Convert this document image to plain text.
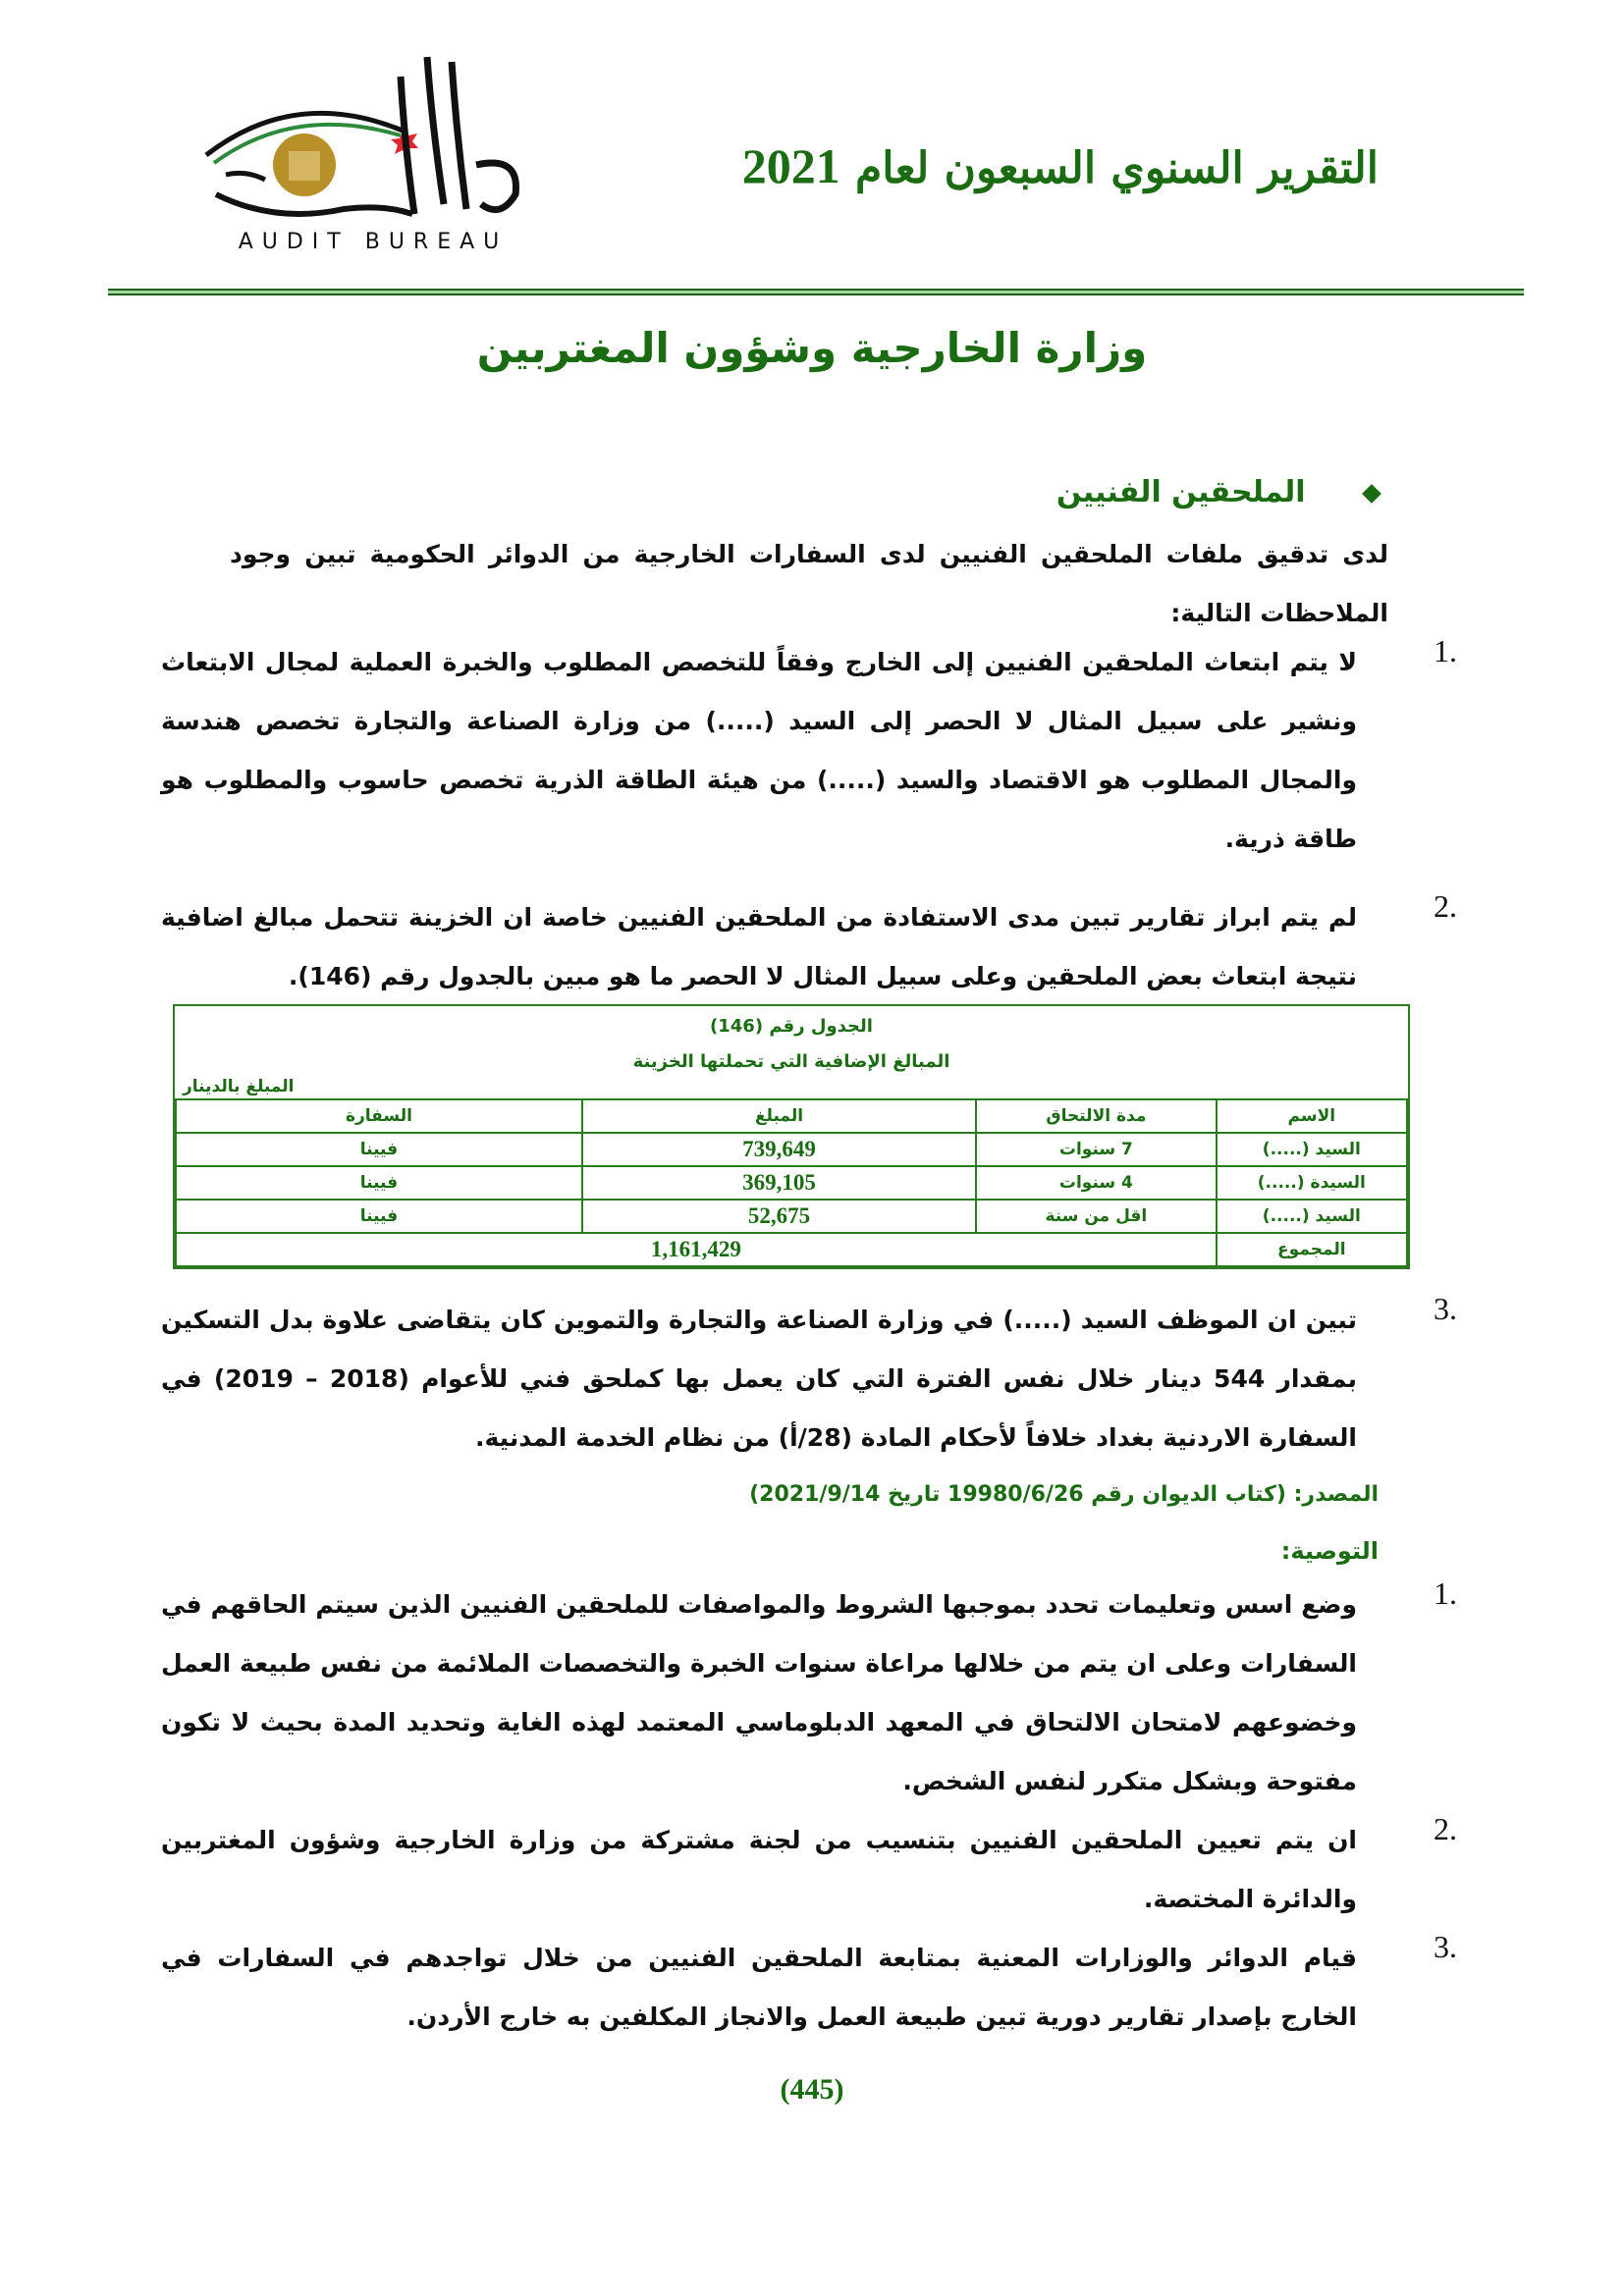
AUDIT BUREAU
التقرير السنوي السبعون لعام 2021
وزارة الخارجية وشؤون المغتربين
الملحقين الفنيين
لدى تدقيق ملفات الملحقين الفنيين لدى السفارات الخارجية من الدوائر الحكومية تبين وجود الملاحظات التالية:
1.
لا يتم ابتعاث الملحقين الفنيين إلى الخارج وفقاً للتخصص المطلوب والخبرة العملية لمجال الابتعاث ونشير على سبيل المثال لا الحصر إلى السيد (.....) من وزارة الصناعة والتجارة تخصص هندسة والمجال المطلوب هو الاقتصاد والسيد (.....) من هيئة الطاقة الذرية تخصص حاسوب والمطلوب هو طاقة ذرية.
2.
لم يتم ابراز تقارير تبين مدى الاستفادة من الملحقين الفنيين خاصة ان الخزينة تتحمل مبالغ اضافية نتيجة ابتعاث بعض الملحقين وعلى سبيل المثال لا الحصر ما هو مبين بالجدول رقم (146).
الجدول رقم (146)
المبالغ الإضافية التي تحملتها الخزينة
المبلغ بالدينار
الاسم	مدة الالتحاق	المبلغ	السفارة
السيد (.....)	7 سنوات	739,649	فيينا
السيدة (.....)	4 سنوات	369,105	فيينا
السيد (.....)	اقل من سنة	52,675	فيينا
المجموع	1,161,429		
3.
تبين ان الموظف السيد (.....) في وزارة الصناعة والتجارة والتموين كان يتقاضى علاوة بدل التسكين بمقدار 544 دينار خلال نفس الفترة التي كان يعمل بها كملحق فني للأعوام (2018 – 2019) في السفارة الاردنية بغداد خلافاً لأحكام المادة (28/أ) من نظام الخدمة المدنية.
المصدر: (كتاب الديوان رقم 19980/6/26 تاريخ 2021/9/14)
التوصية:
1.
وضع اسس وتعليمات تحدد بموجبها الشروط والمواصفات للملحقين الفنيين الذين سيتم الحاقهم في السفارات وعلى ان يتم من خلالها مراعاة سنوات الخبرة والتخصصات الملائمة من نفس طبيعة العمل وخضوعهم لامتحان الالتحاق في المعهد الدبلوماسي المعتمد لهذه الغاية وتحديد المدة بحيث لا تكون مفتوحة وبشكل متكرر لنفس الشخص.
2.
ان يتم تعيين الملحقين الفنيين بتنسيب من لجنة مشتركة من وزارة الخارجية وشؤون المغتربين والدائرة المختصة.
3.
قيام الدوائر والوزارات المعنية بمتابعة الملحقين الفنيين من خلال تواجدهم في السفارات في الخارج بإصدار تقارير دورية تبين طبيعة العمل والانجاز المكلفين به خارج الأردن.
(445)
